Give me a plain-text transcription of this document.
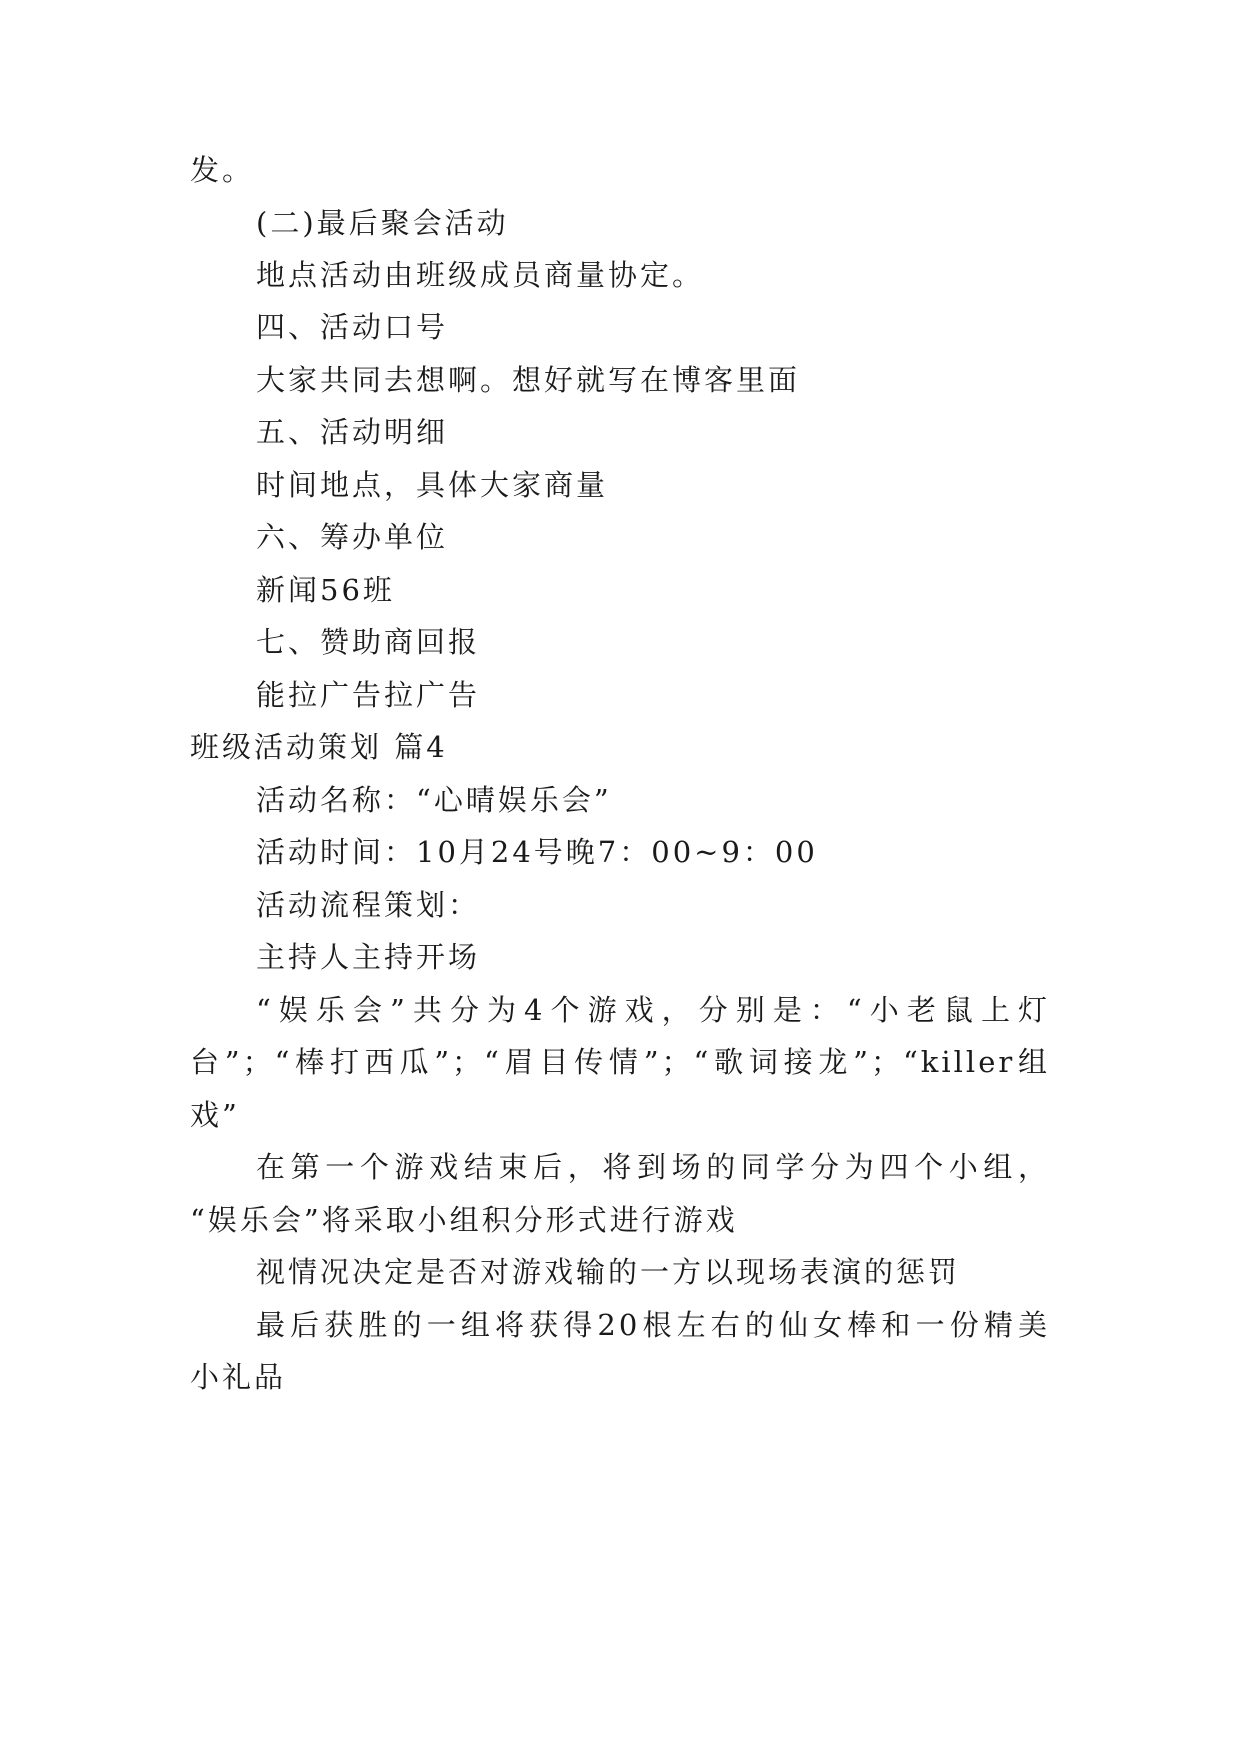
发。
(二)最后聚会活动
地点活动由班级成员商量协定。
四、活动口号
大家共同去想啊。想好就写在博客里面
五、活动明细
时间地点，具体大家商量
六、筹办单位
新闻56班
七、赞助商回报
能拉广告拉广告
班级活动策划 篇4
活动名称：“心晴娱乐会”
活动时间：10月24号晚7：00~9：00
活动流程策划：
主持人主持开场
“娱乐会”共分为4个游戏，分别是：“小老鼠上灯
台”；“棒打西瓜”；“眉目传情”；“歌词接龙”；“killer组
戏”
在第一个游戏结束后，将到场的同学分为四个小组，
“娱乐会”将采取小组积分形式进行游戏
视情况决定是否对游戏输的一方以现场表演的惩罚
最后获胜的一组将获得20根左右的仙女棒和一份精美
小礼品
